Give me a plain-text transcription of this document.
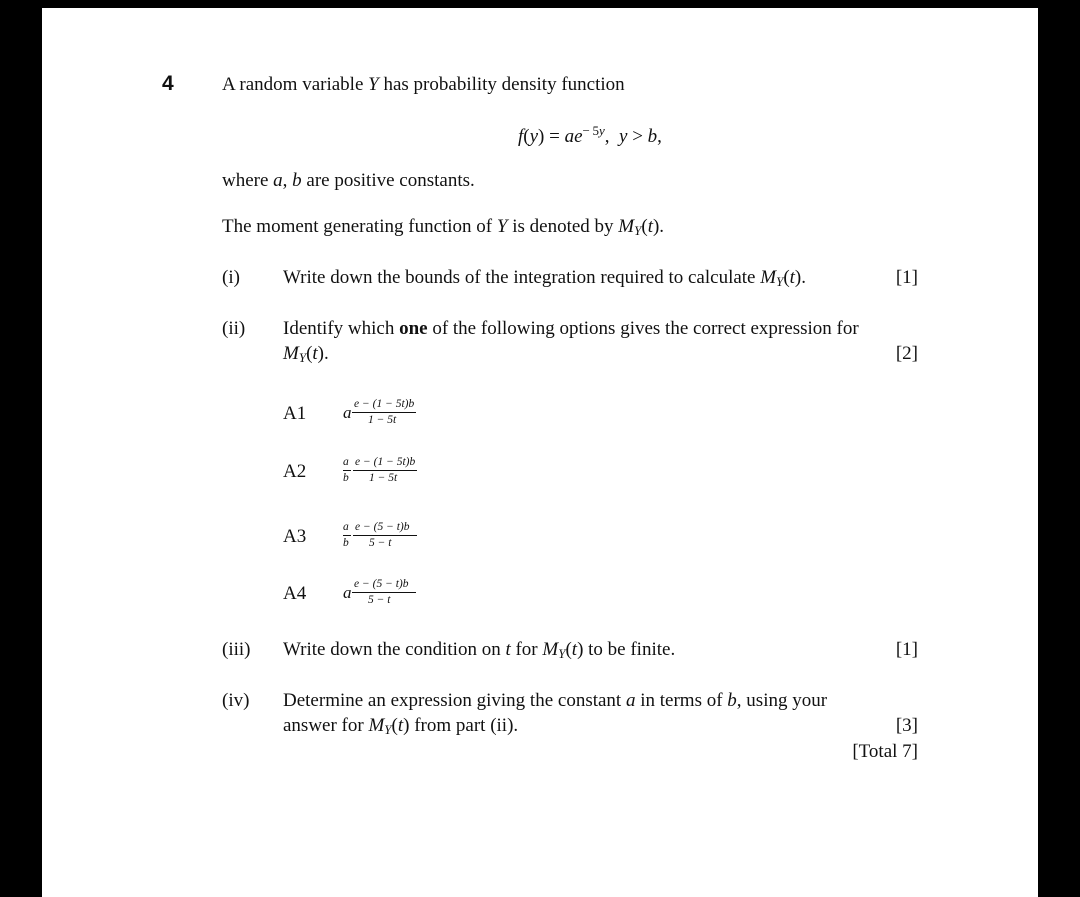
4	A random variable Y has probability density function
$f(y) = ae^{- 5y}$,  y > b,
where a, b are positive constants.
The moment generating function of Y is denoted by $M_Y(t)$.
(i) Write down the bounds of the integration required to calculate $M_Y(t)$.	[1]
(ii) Identify which one of the following options gives the correct expression for
$M_Y(t)$.	[2]
A1 a e − (1 − 5t)b
1 − 5t
A2	a
b
e − (1 − 5t)b
1 − 5t
A3	a
b
e − (5 − t)b
5 − t
A4 a e − (5 − t)b
5 − t
(iii) Write down the condition on t for $M_Y(t)$ to be finite.	[1]
(iv) Determine an expression giving the constant a in terms of b, using your
answer for $M_Y(t)$ from part (ii).	[3]
[Total 7]
